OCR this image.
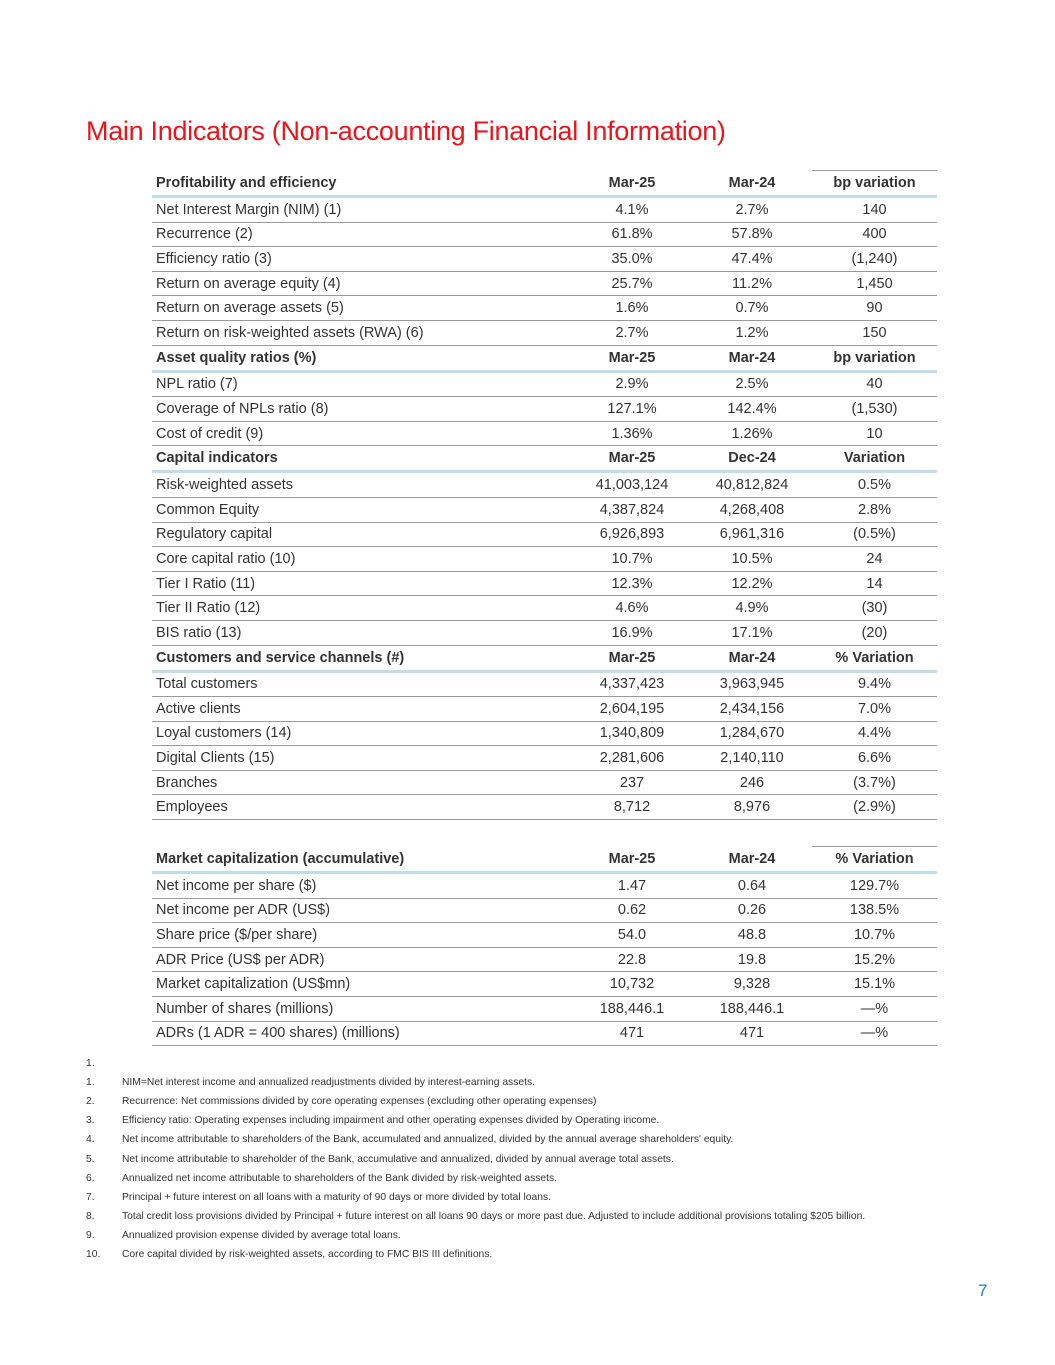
Main Indicators (Non-accounting Financial Information)
Profitability and efficiency	Mar-25	Mar-24	bp variation
Net Interest Margin (NIM) (1)	4.1%	2.7%	140
Recurrence (2)	61.8%	57.8%	400
Efficiency ratio (3)	35.0%	47.4%	(1,240)
Return on average equity (4)	25.7%	11.2%	1,450
Return on average assets (5)	1.6%	0.7%	90
Return on risk-weighted assets (RWA) (6)	2.7%	1.2%	150
Asset quality ratios (%)	Mar-25	Mar-24	bp variation
NPL ratio (7)	2.9%	2.5%	40
Coverage of NPLs ratio (8)	127.1%	142.4%	(1,530)
Cost of credit (9)	1.36%	1.26%	10
Capital indicators	Mar-25	Dec-24	Variation
Risk-weighted assets	41,003,124	40,812,824	0.5%
Common Equity	4,387,824	4,268,408	2.8%
Regulatory capital	6,926,893	6,961,316	(0.5%)
Core capital ratio (10)	10.7%	10.5%	24
Tier I Ratio (11)	12.3%	12.2%	14
Tier II Ratio (12)	4.6%	4.9%	(30)
BIS ratio (13)	16.9%	17.1%	(20)
Customers and service channels (#)	Mar-25	Mar-24	% Variation
Total customers	4,337,423	3,963,945	9.4%
Active clients	2,604,195	2,434,156	7.0%
Loyal customers (14)	1,340,809	1,284,670	4.4%
Digital Clients (15)	2,281,606	2,140,110	6.6%
Branches	237	246	(3.7%)
Employees	8,712	8,976	(2.9%)

Market capitalization (accumulative)	Mar-25	Mar-24	% Variation
Net income per share ($)	1.47	0.64	129.7%
Net income per ADR (US$)	0.62	0.26	138.5%
Share price ($/per share)	54.0	48.8	10.7%
ADR Price (US$ per ADR)	22.8	19.8	15.2%
Market capitalization (US$mn)	10,732	9,328	15.1%
Number of shares (millions)	188,446.1	188,446.1	—%
ADRs (1 ADR = 400 shares) (millions)	471	471	—%
1.
1.	NIM=Net interest income and annualized readjustments divided by interest-earning assets.
2.	Recurrence: Net commissions divided by core operating expenses (excluding other operating expenses)
3.	Efficiency ratio: Operating expenses including impairment and other operating expenses divided by Operating income.
4.	Net income attributable to shareholders of the Bank, accumulated and annualized, divided by the annual average shareholders' equity.
5.	Net income attributable to shareholder of the Bank, accumulative and annualized, divided by annual average total assets.
6.	Annualized net income attributable to shareholders of the Bank divided by risk-weighted assets.
7.	Principal + future interest on all loans with a maturity of 90 days or more divided by total loans.
8.	Total credit loss provisions divided by Principal + future interest on all loans 90 days or more past due. Adjusted to include additional provisions totaling $205 billion.
9.	Annualized provision expense divided by average total loans.
10.	Core capital divided by risk-weighted assets, according to FMC BIS III definitions.
7
